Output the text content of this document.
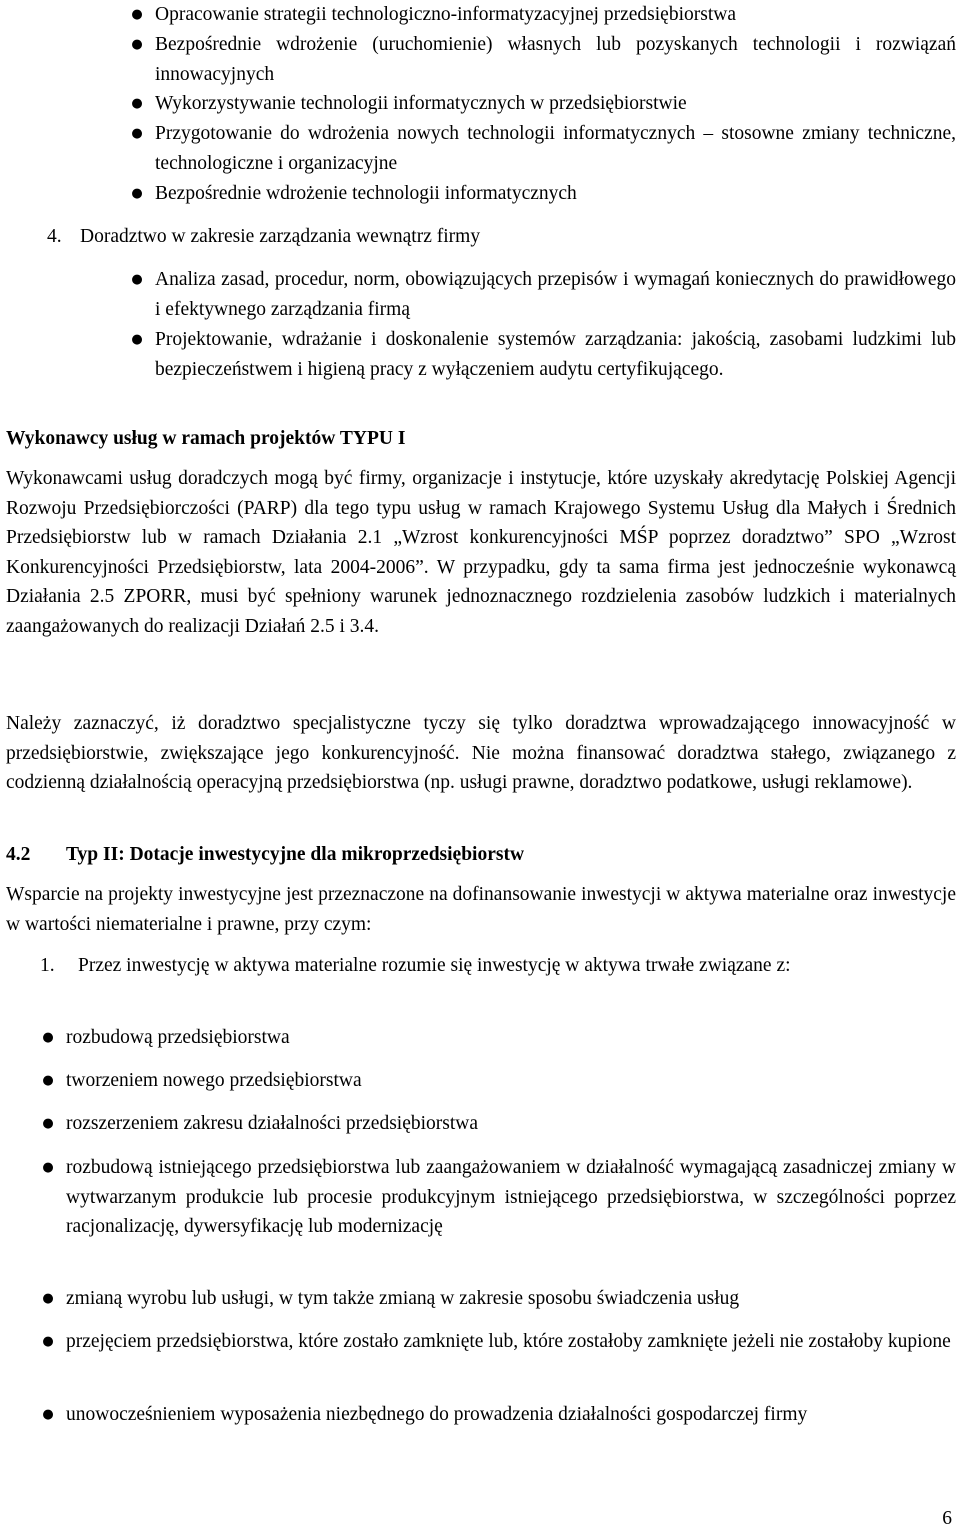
● Opracowanie strategii technologiczno-informatyzacyjnej przedsiębiorstwa
● Bezpośrednie wdrożenie (uruchomienie) własnych lub pozyskanych technologii i rozwiązań innowacyjnych
● Wykorzystywanie technologii informatycznych w przedsiębiorstwie
● Przygotowanie do wdrożenia nowych technologii informatycznych – stosowne zmiany techniczne, technologiczne i organizacyjne
● Bezpośrednie wdrożenie technologii informatycznych
4. Doradztwo w zakresie zarządzania wewnątrz firmy
● Analiza zasad, procedur, norm, obowiązujących przepisów i wymagań koniecznych do prawidłowego i efektywnego zarządzania firmą
● Projektowanie, wdrażanie i doskonalenie systemów zarządzania: jakością, zasobami ludzkimi lub bezpieczeństwem i higieną pracy z wyłączeniem audytu certyfikującego.
Wykonawcy usług w ramach projektów TYPU I
Wykonawcami usług doradczych mogą być firmy, organizacje i instytucje, które uzyskały akredytację Polskiej Agencji Rozwoju Przedsiębiorczości (PARP) dla tego typu usług w ramach Krajowego Systemu Usług dla Małych i Średnich Przedsiębiorstw lub w ramach Działania 2.1 „Wzrost konkurencyjności MŚP poprzez doradztwo” SPO „Wzrost Konkurencyjności Przedsiębiorstw, lata 2004-2006”. W przypadku, gdy ta sama firma jest jednocześnie wykonawcą Działania 2.5 ZPORR, musi być spełniony warunek jednoznacznego rozdzielenia zasobów ludzkich i materialnych zaangażowanych do realizacji Działań 2.5 i 3.4.
Należy zaznaczyć, iż doradztwo specjalistyczne tyczy się tylko doradztwa wprowadzającego innowacyjność w przedsiębiorstwie, zwiększające jego konkurencyjność. Nie można finansować doradztwa stałego, związanego z codzienną działalnością operacyjną przedsiębiorstwa (np. usługi prawne, doradztwo podatkowe, usługi reklamowe).
4.2 Typ II: Dotacje inwestycyjne dla mikroprzedsiębiorstw
Wsparcie na projekty inwestycyjne jest przeznaczone na dofinansowanie inwestycji w aktywa materialne oraz inwestycje w wartości niematerialne i prawne, przy czym:
1.	Przez inwestycję w aktywa materialne rozumie się inwestycję w aktywa trwałe związane z:
● rozbudową przedsiębiorstwa
● tworzeniem nowego przedsiębiorstwa
● rozszerzeniem zakresu działalności przedsiębiorstwa
● rozbudową istniejącego przedsiębiorstwa lub zaangażowaniem w działalność wymagającą zasadniczej zmiany w wytwarzanym produkcie lub procesie produkcyjnym istniejącego przedsiębiorstwa, w szczególności poprzez racjonalizację, dywersyfikację lub modernizację
● zmianą wyrobu lub usługi, w tym także zmianą w zakresie sposobu świadczenia usług
● przejęciem przedsiębiorstwa, które zostało zamknięte lub, które zostałoby zamknięte jeżeli nie zostałoby kupione
● unowocześnieniem wyposażenia niezbędnego do prowadzenia działalności gospodarczej firmy
6
